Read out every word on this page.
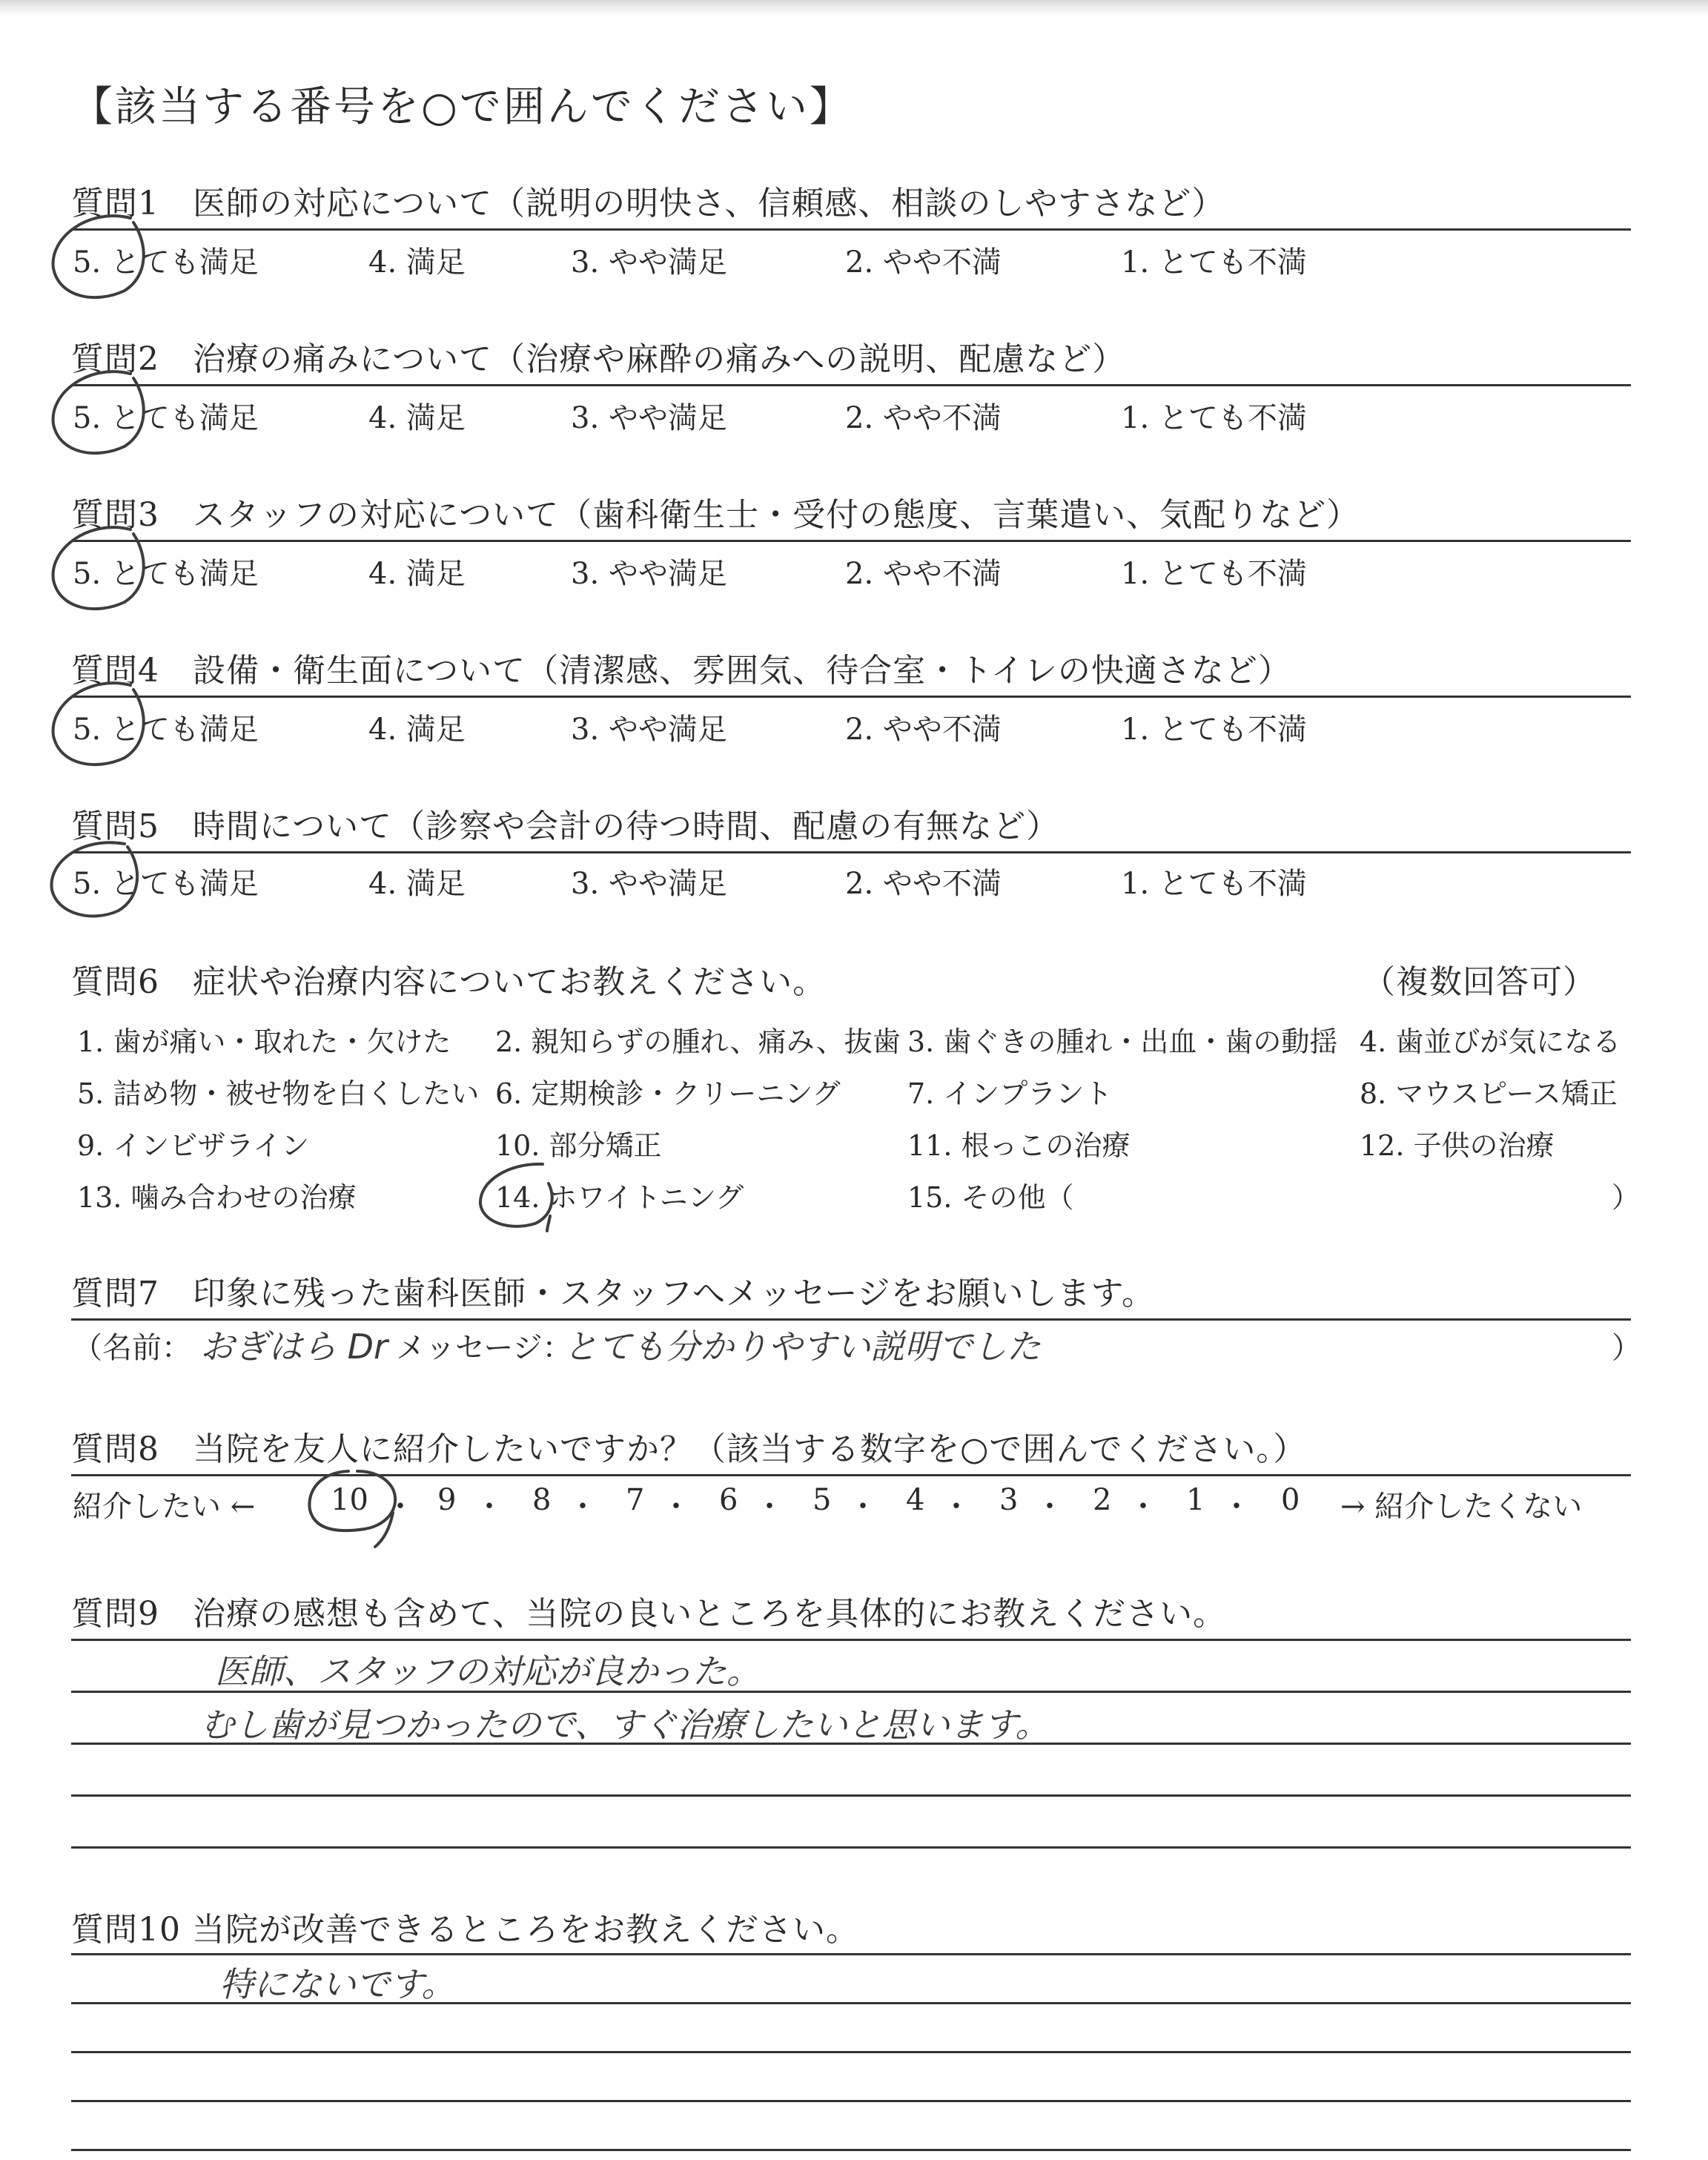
【該当する番号を○で囲んでください】
質問1　医師の対応について（説明の明快さ、信頼感、相談のしやすさなど）
5. とても満足	4. 満足	3. やや満足	2. やや不満	1. とても不満
質問2　治療の痛みについて（治療や麻酔の痛みへの説明、配慮など）
5. とても満足	4. 満足	3. やや満足	2. やや不満	1. とても不満
質問3　スタッフの対応について（歯科衛生士・受付の態度、言葉遣い、気配りなど）
5. とても満足	4. 満足	3. やや満足	2. やや不満	1. とても不満
質問4　設備・衛生面について（清潔感、雰囲気、待合室・トイレの快適さなど）
5. とても満足	4. 満足	3. やや満足	2. やや不満	1. とても不満
質問5　時間について（診察や会計の待つ時間、配慮の有無など）
5. とても満足	4. 満足	3. やや満足	2. やや不満	1. とても不満
質問6　症状や治療内容についてお教えください。	（複数回答可）
1. 歯が痛い・取れた・欠けた 2. 親知らずの腫れ、痛み、抜歯 3. 歯ぐきの腫れ・出血・歯の動揺 4. 歯並びが気になる
5. 詰め物・被せ物を白くしたい 6. 定期検診・クリーニング 7. インプラント	8. マウスピース矯正
9. インビザライン	10. 部分矯正	11. 根っこの治療	12. 子供の治療
13. 噛み合わせの治療	14. ホワイトニング	15. その他（	）
質問7　印象に残った歯科医師・スタッフへメッセージをお願いします。
（名前： おぎはら Dr メッセージ：
とても分かりやすい説明でした	）
質問8　当院を友人に紹介したいですか？（該当する数字を○で囲んでください。）
紹介したい ←	10 ・ 9 ・ 8 ・ 7 ・ 6 ・ 5 ・ 4 ・ 3 ・ 2 ・ 1 ・ 0 → 紹介したくない
質問9　治療の感想も含めて、当院の良いところを具体的にお教えください。
医師、スタッフの対応が良かった。
むし歯が見つかったので、すぐ治療したいと思います。
質問10 当院が改善できるところをお教えください。
特にないです。
